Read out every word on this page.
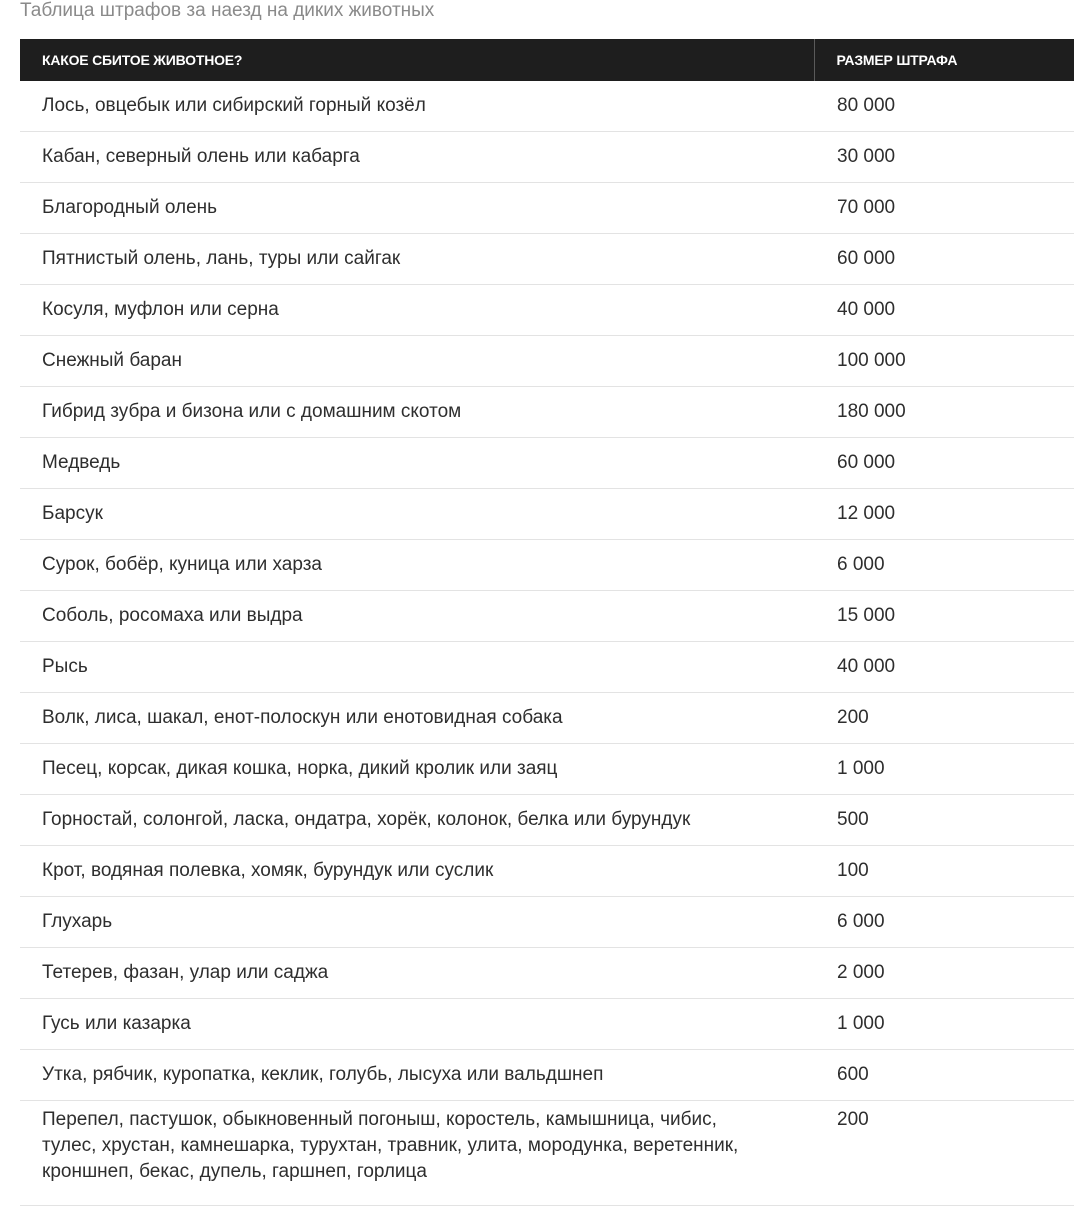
Таблица штрафов за наезд на диких животных
КАКОЕ СБИТОЕ ЖИВОТНОЕ?	РАЗМЕР ШТРАФА
Лось, овцебык или сибирский горный козёл	80 000
Кабан, северный олень или кабарга	30 000
Благородный олень	70 000
Пятнистый олень, лань, туры или сайгак	60 000
Косуля, муфлон или серна	40 000
Снежный баран	100 000
Гибрид зубра и бизона или с домашним скотом	180 000
Медведь	60 000
Барсук	12 000
Сурок, бобёр, куница или харза	6 000
Соболь, росомаха или выдра	15 000
Рысь	40 000
Волк, лиса, шакал, енот-полоскун или енотовидная собака	200
Песец, корсак, дикая кошка, норка, дикий кролик или заяц	1 000
Горностай, солонгой, ласка, ондатра, хорёк, колонок, белка или бурундук	500
Крот, водяная полевка, хомяк, бурундук или суслик	100
Глухарь	6 000
Тетерев, фазан, улар или саджа	2 000
Гусь или казарка	1 000
Утка, рябчик, куропатка, кеклик, голубь, лысуха или вальдшнеп	600
Перепел, пастушок, обыкновенный погоныш, коростель, камышница, чибис, тулес, хрустан, камнешарка, турухтан, травник, улита, мородунка, веретенник, кроншнеп, бекас, дупель, гаршнеп, горлица	200
